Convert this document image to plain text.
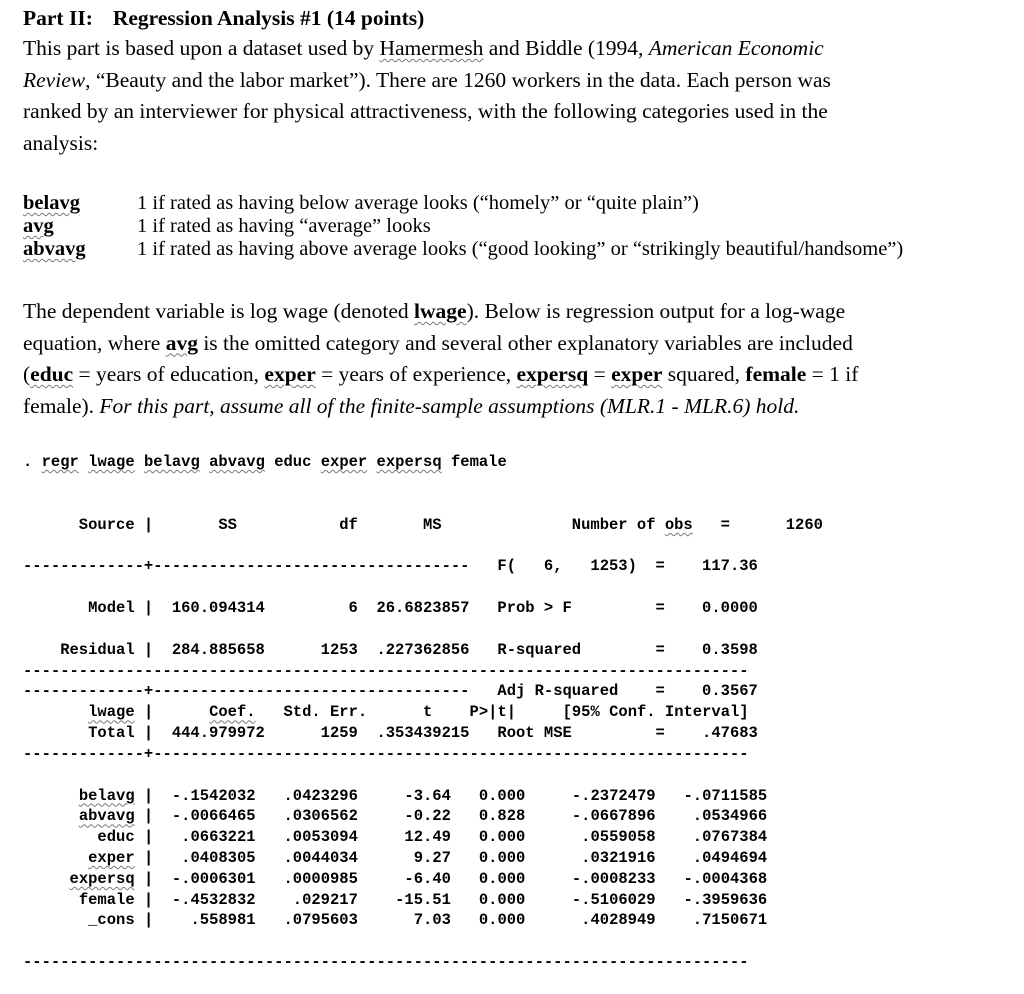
Part II: Regression Analysis #1 (14 points)
This part is based upon a dataset used by Hamermesh and Biddle (1994, American Economic
Review, “Beauty and the labor market”). There are 1260 workers in the data. Each person was
ranked by an interviewer for physical attractiveness, with the following categories used in the
analysis:
belavg	1 if rated as having below average looks (“homely” or “quite plain”)
avg	1 if rated as having “average” looks
abvavg	1 if rated as having above average looks (“good looking” or “strikingly beautiful/handsome”)
The dependent variable is log wage (denoted lwage). Below is regression output for a log-wage
equation, where avg is the omitted category and several other explanatory variables are included
(educ = years of education, exper = years of experience, expersq = exper squared, female = 1 if
female). For this part, assume all of the finite-sample assumptions (MLR.1 - MLR.6) hold.
. regr lwage belavg abvavg educ exper expersq female

Source |       SS           df       MS              Number of obs   =	1260

-------------+----------------------------------   F(   6,   1253)  = 117.36

Model |  160.094314         6  26.6823857   Prob > F         = 0.0000

Residual |  284.885658      1253  .227362856   R-squared        = 0.3598

-------------+----------------------------------   Adj R-squared    = 0.3567

Total |  444.979972      1259  .353439215   Root MSE         = .47683

------------------------------------------------------------------------------

lwage |      Coef. Std. Err.	t P>|t|	[95% Conf. Interval]

-------------+----------------------------------------------------------------

belavg |  -.1542032 .0423296     -3.64 0.000	-.2372479 -.0711585
abvavg |  -.0066465 .0306562     -0.22 0.828	-.0667896    .0534966
educ |   .0663221 .0053094     12.49 0.000	.0559058    .0767384
exper |   .0408305 .0044034      9.27 0.000	.0321916    .0494694
expersq |  -.0006301 .0000985     -6.40 0.000	-.0008233 -.0004368
female |  -.4532832    .029217    -15.51 0.000	-.5106029 -.3959636
_cons |    .558981 .0795603      7.03 0.000	.4028949    .7150671

------------------------------------------------------------------------------
